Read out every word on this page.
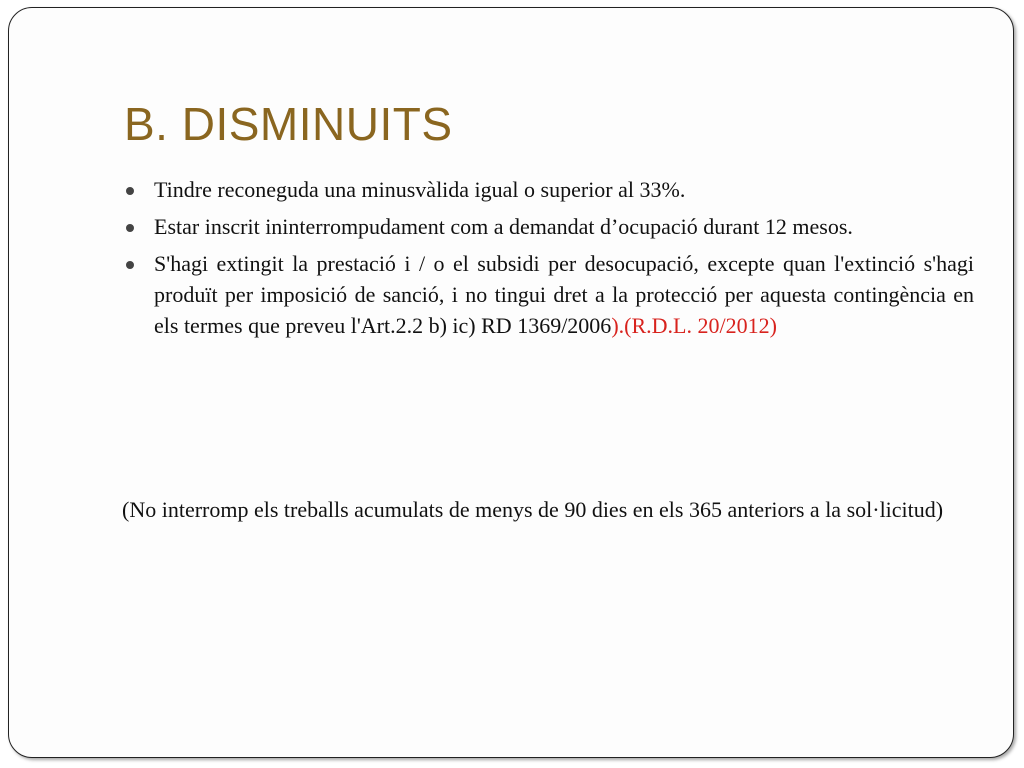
B. DISMINUITS
Tindre reconeguda una minusvàlida igual o superior al 33%.
Estar inscrit ininterrompudament com a demandat d’ocupació durant 12 mesos.
S'hagi extingit la prestació i / o el subsidi per desocupació, excepte quan l'extinció s'hagi produït per imposició de sanció, i no tingui dret a la protecció per aquesta contingència en els termes que preveu l'Art.2.2 b) ic) RD 1369/2006).(R.D.L. 20/2012)

(No interromp els treballs acumulats de menys de 90 dies en els 365 anteriors a la sol·licitud)
